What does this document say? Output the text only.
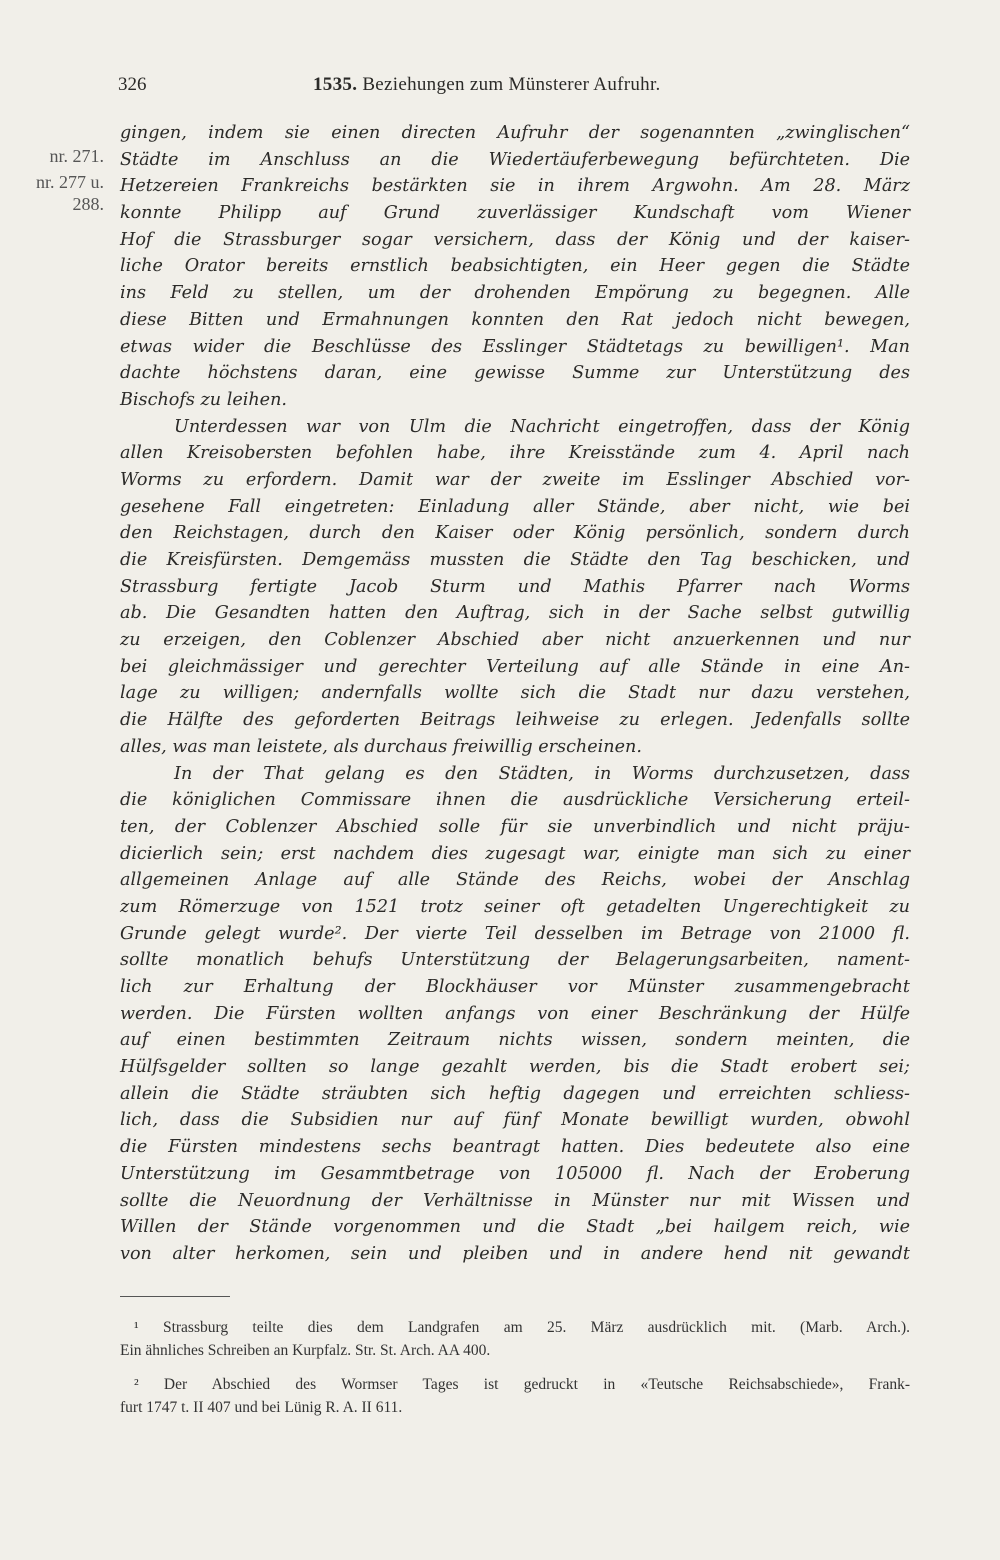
326	1535. Beziehungen zum Münsterer Aufruhr.
nr. 271.
nr. 277 u.
288.
gingen, indem sie einen directen Aufruhr der sogenannten „zwinglischen“
Städte im Anschluss an die Wiedertäuferbewegung befürchteten. Die
Hetzereien Frankreichs bestärkten sie in ihrem Argwohn. Am 28. März
konnte Philipp auf Grund zuverlässiger Kundschaft vom Wiener
Hof die Strassburger sogar versichern, dass der König und der kaiser-
liche Orator bereits ernstlich beabsichtigten, ein Heer gegen die Städte
ins Feld zu stellen, um der drohenden Empörung zu begegnen. Alle
diese Bitten und Ermahnungen konnten den Rat jedoch nicht bewegen,
etwas wider die Beschlüsse des Esslinger Städtetags zu bewilligen¹. Man
dachte höchstens daran, eine gewisse Summe zur Unterstützung des
Bischofs zu leihen.
Unterdessen war von Ulm die Nachricht eingetroffen, dass der König
allen Kreisobersten befohlen habe, ihre Kreisstände zum 4. April nach
Worms zu erfordern. Damit war der zweite im Esslinger Abschied vor-
gesehene Fall eingetreten: Einladung aller Stände, aber nicht, wie bei
den Reichstagen, durch den Kaiser oder König persönlich, sondern durch
die Kreisfürsten. Demgemäss mussten die Städte den Tag beschicken, und
Strassburg fertigte Jacob Sturm und Mathis Pfarrer nach Worms
ab. Die Gesandten hatten den Auftrag, sich in der Sache selbst gutwillig
zu erzeigen, den Coblenzer Abschied aber nicht anzuerkennen und nur
bei gleichmässiger und gerechter Verteilung auf alle Stände in eine An-
lage zu willigen; andernfalls wollte sich die Stadt nur dazu verstehen,
die Hälfte des geforderten Beitrags leihweise zu erlegen. Jedenfalls sollte
alles, was man leistete, als durchaus freiwillig erscheinen.
In der That gelang es den Städten, in Worms durchzusetzen, dass
die königlichen Commissare ihnen die ausdrückliche Versicherung erteil-
ten, der Coblenzer Abschied solle für sie unverbindlich und nicht präju-
dicierlich sein; erst nachdem dies zugesagt war, einigte man sich zu einer
allgemeinen Anlage auf alle Stände des Reichs, wobei der Anschlag
zum Römerzuge von 1521 trotz seiner oft getadelten Ungerechtigkeit zu
Grunde gelegt wurde². Der vierte Teil desselben im Betrage von 21000 fl.
sollte monatlich behufs Unterstützung der Belagerungsarbeiten, nament-
lich zur Erhaltung der Blockhäuser vor Münster zusammengebracht
werden. Die Fürsten wollten anfangs von einer Beschränkung der Hülfe
auf einen bestimmten Zeitraum nichts wissen, sondern meinten, die
Hülfsgelder sollten so lange gezahlt werden, bis die Stadt erobert sei;
allein die Städte sträubten sich heftig dagegen und erreichten schliess-
lich, dass die Subsidien nur auf fünf Monate bewilligt wurden, obwohl
die Fürsten mindestens sechs beantragt hatten. Dies bedeutete also eine
Unterstützung im Gesammtbetrage von 105000 fl. Nach der Eroberung
sollte die Neuordnung der Verhältnisse in Münster nur mit Wissen und
Willen der Stände vorgenommen und die Stadt „bei hailgem reich, wie
von alter herkomen, sein und pleiben und in andere hend nit gewandt
¹ Strassburg teilte dies dem Landgrafen am 25. März ausdrücklich mit. (Marb. Arch.).
Ein ähnliches Schreiben an Kurpfalz. Str. St. Arch. AA 400.
² Der Abschied des Wormser Tages ist gedruckt in «Teutsche Reichsabschiede», Frank-
furt 1747 t. II 407 und bei Lünig R. A. II 611.
